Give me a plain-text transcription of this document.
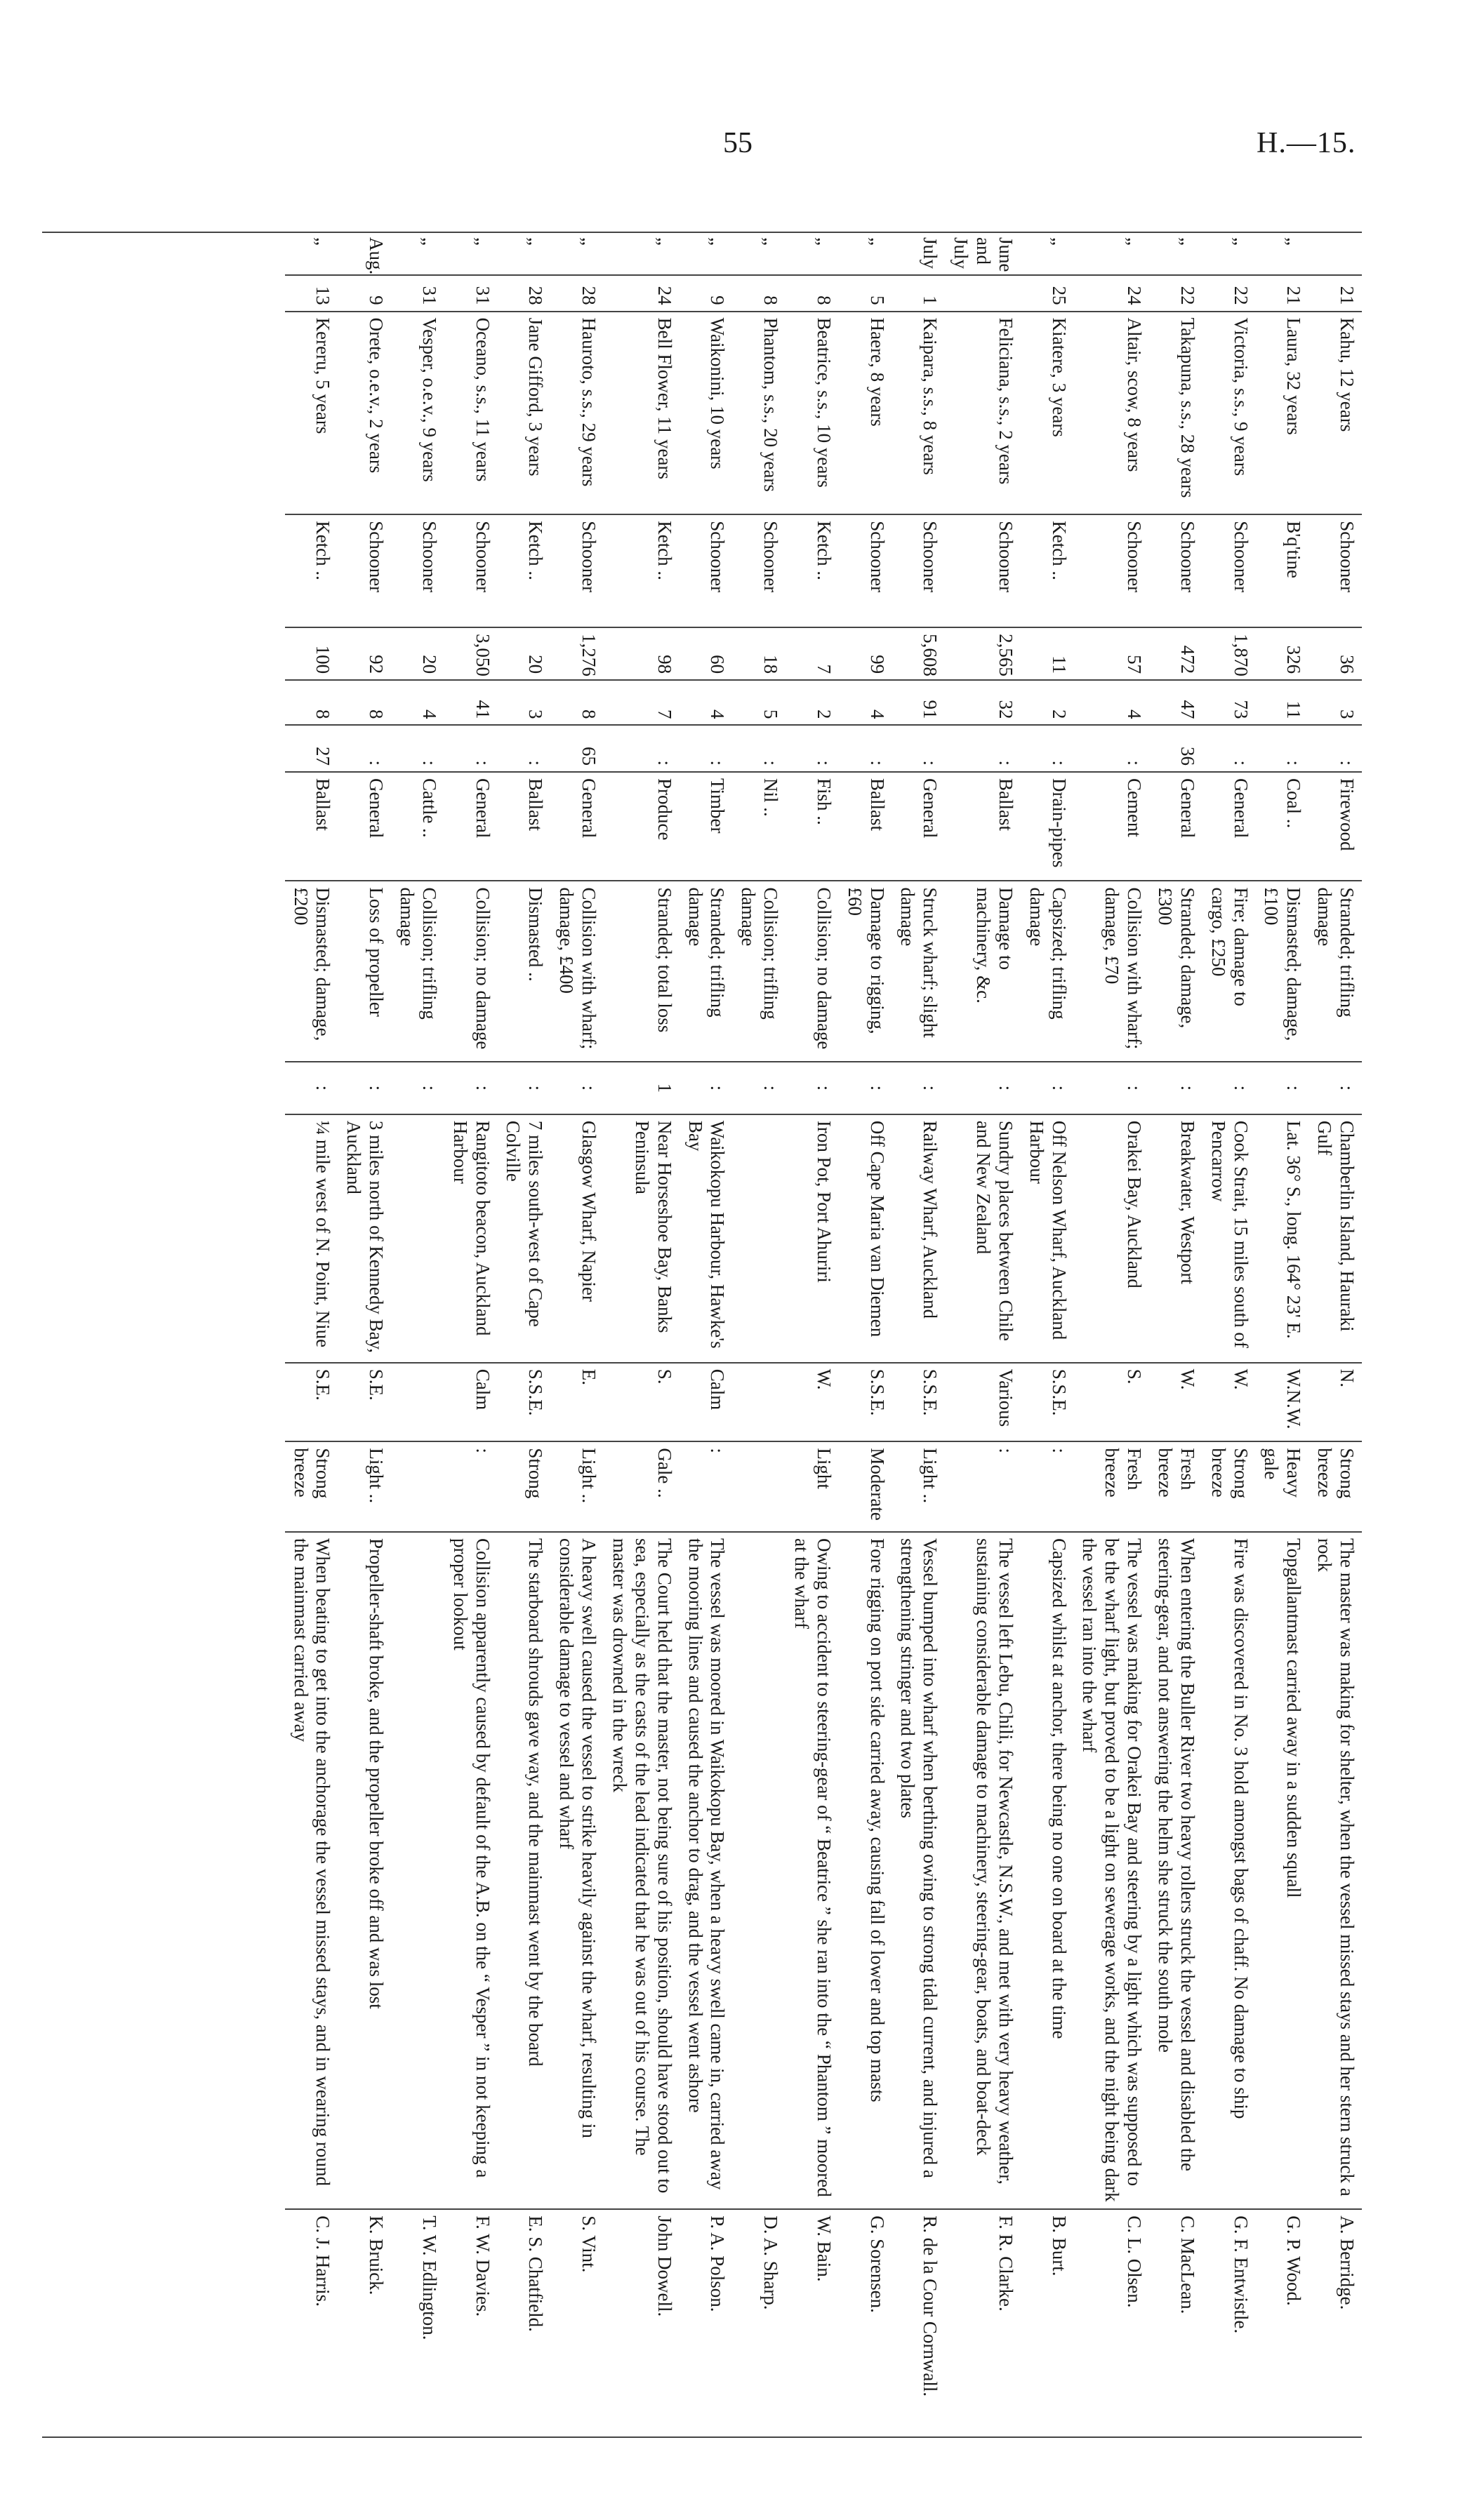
55	H.—15.
	21	Kahu, 12 years	Schooner	36	3	:	Firewood	Stranded; trifling damage	:	Chamberlin Island, Hauraki Gulf	N.	Strong breeze	The master was making for shelter, when the vessel missed stays and her stern struck a rock	A. Berridge.
„	21	Laura, 32 years	B'q'tine	326	11	:	Coal ..	Dismasted; damage, £100	:	Lat. 36° S., long. 164° 23' E.	W.N.W.	Heavy gale	Topgallantmast carried away in a sudden squall	G. P. Wood.
„	22	Victoria, s.s., 9 years	Schooner	1,870	73	:	General	Fire; damage to cargo, £250	:	Cook Strait, 15 miles south of Pencarrow	W.	Strong breeze	Fire was discovered in No. 3 hold amongst bags of chaff. No damage to ship	G. F. Entwistle.
„	22	Takapuna, s.s., 28 years	Schooner	472	47	36	General	Stranded; damage, £300	:	Breakwater, Westport	W.	Fresh breeze	When entering the Buller River two heavy rollers struck the vessel and disabled the steering-gear, and not answering the helm she struck the south mole	C. MacLean.
„	24	Altair, scow, 8 years	Schooner	57	4	:	Cement	Collision with wharf; damage, £70	:	Orakei Bay, Auckland	S.	Fresh breeze	The vessel was making for Orakei Bay and steering by a light which was supposed to be the wharf light, but proved to be a light on sewerage works, and the night being dark the vessel ran into the wharf	C. L. Olsen.
„	25	Kiatere, 3 years	Ketch ..	11	2	:	Drain-pipes	Capsized; trifling damage	:	Off Nelson Wharf, Auckland Harbour	S.S.E.	:	Capsized whilst at anchor, there being no one on board at the time	B. Burt.
June and July		Feliciana, s.s., 2 years	Schooner	2,565	32	:	Ballast	Damage to machinery, &c.	:	Sundry places between Chile and New Zealand	Various	:	The vessel left Lebu, Chili, for Newcastle, N.S.W., and met with very heavy weather, sustaining considerable damage to machinery, steering-gear, boats, and boat-deck	F. R. Clarke.
July	1	Kaipara, s.s., 8 years	Schooner	5,608	91	:	General	Struck wharf; slight damage	:	Railway Wharf, Auckland	S.S.E.	Light ..	Vessel bumped into wharf when berthing owing to strong tidal current, and injured a strengthening stringer and two plates	R. de la Cour Cornwall.
„	5	Haere, 8 years	Schooner	99	4	:	Ballast	Damage to rigging, £60	:	Off Cape Maria van Diemen	S.S.E.	Moderate	Fore rigging on port side carried away, causing fall of lower and top masts	G. Sorensen.
„	8	Beatrice, s.s., 10 years	Ketch ..	7	2	:	Fish ..	Collision; no damage	:	Iron Pot, Port Ahuriri	W.	Light	Owing to accident to steering-gear of “ Beatrice ” she ran into the “ Phantom ” moored at the wharf	W. Bain.
„	8	Phantom, s.s., 20 years	Schooner	18	5	:	Nil ..	Collision; trifling damage	:					D. A. Sharp.
„	9	Waikonini, 10 years	Schooner	60	4	:	Timber	Stranded; trifling damage	:	Waikokopu Harbour, Hawke's Bay	Calm	:	The vessel was moored in Waikokopu Bay, when a heavy swell came in, carried away the mooring lines and caused the anchor to drag, and the vessel went ashore	P. A. Polson.
„	24	Bell Flower, 11 years	Ketch ..	98	7	:	Produce	Stranded; total loss	1	Near Horseshoe Bay, Banks Peninsula	S.	Gale ..	The Court held that the master, not being sure of his position, should have stood out to sea, especially as the casts of the lead indicated that he was out of his course. The master was drowned in the wreck	John Dowell.
„	28	Hauroto, s.s., 29 years	Schooner	1,276	8	65	General	Collision with wharf; damage, £400	:	Glasgow Wharf, Napier	E.	Light ..	A heavy swell caused the vessel to strike heavily against the wharf, resulting in considerable damage to vessel and wharf	S. Vint.
„	28	Jane Gifford, 3 years	Ketch ..	20	3	:	Ballast	Dismasted ..	:	7 miles south-west of Cape Colville	S.S.E.	Strong	The starboard shrouds gave way, and the mainmast went by the board	E. S. Chatfield.
„	31	Oceano, s.s., 11 years	Schooner	3,050	41	:	General	Collision; no damage	:	Rangitoto beacon, Auckland Harbour	Calm	:	Collision apparently caused by default of the A.B. on the “ Vesper ” in not keeping a proper lookout	F. W. Davies.
„	31	Vesper, o.e.v., 9 years	Schooner	20	4	:	Cattle ..	Collision; trifling damage	:					T. W. Edlington.
Aug.	9	Orete, o.e.v., 2 years	Schooner	92	8	:	General	Loss of propeller	:	3 miles north of Kennedy Bay, Auckland	S.E.	Light ..	Propeller-shaft broke, and the propeller broke off and was lost	K. Bruick.
„	13	Kereru, 5 years	Ketch ..	100	8	27	Ballast	Dismasted; damage, £200	:	¼ mile west of N. Point, Niue	S.E.	Strong breeze	When beating to get into the anchorage the vessel missed stays, and in wearing round the mainmast carried away	C. J. Harris.
